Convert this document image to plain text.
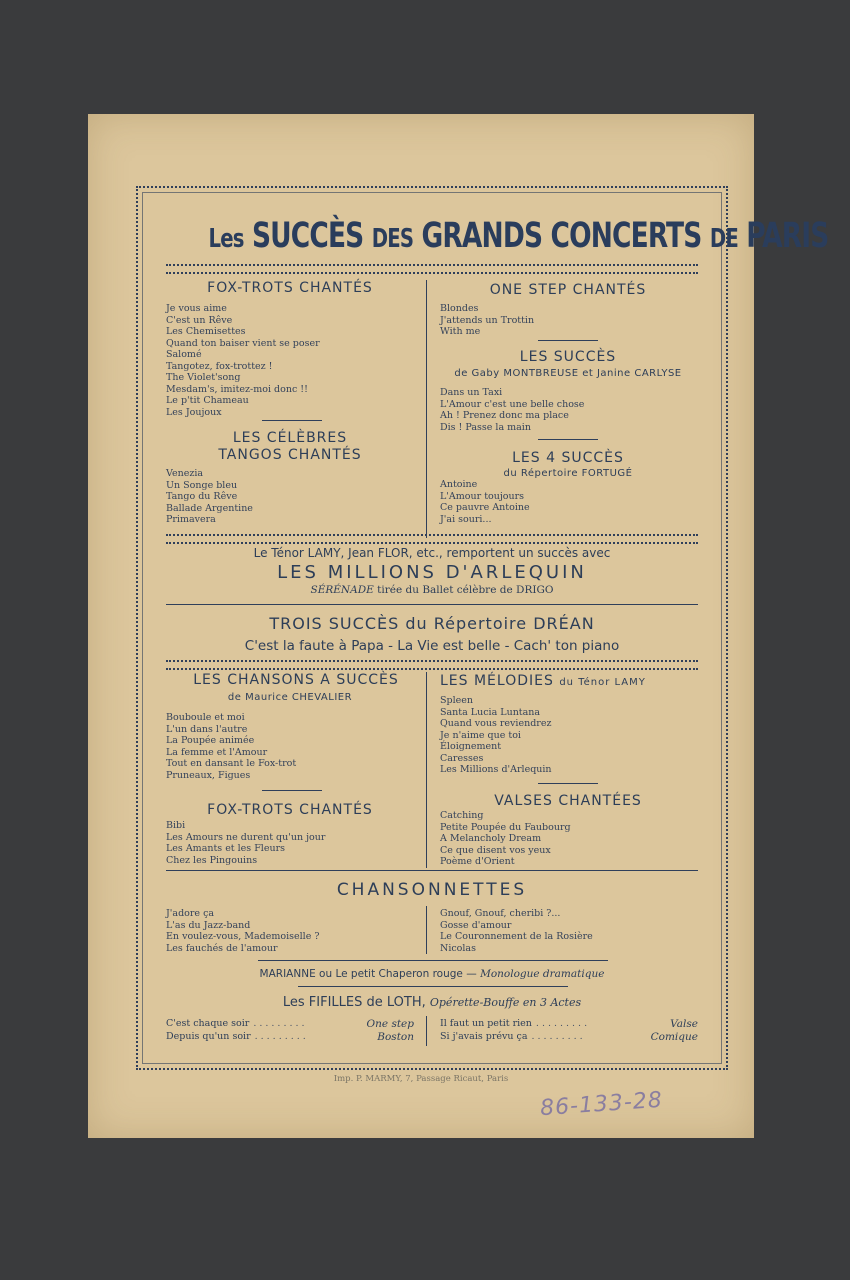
Les SUCCÈS DES GRANDS CONCERTS DE PARIS
FOX-TROTS CHANTÉS
Je vous aime
C'est un Rêve
Les Chemisettes
Quand ton baiser vient se poser
Salomé
Tangotez, fox-trottez !
The Violet'song
Mesdam's, imitez-moi donc !!
Le p'tit Chameau
Les Joujoux
LES CÉLÈBRES
TANGOS CHANTÉS
Venezia
Un Songe bleu
Tango du Rêve
Ballade Argentine
Primavera
ONE STEP CHANTÉS
Blondes
J'attends un Trottin
With me
LES SUCCÈS
de Gaby MONTBREUSE et Janine CARLYSE
Dans un Taxi
L'Amour c'est une belle chose
Ah ! Prenez donc ma place
Dis ! Passe la main
LES 4 SUCCÈS
du Répertoire FORTUGÉ
Antoine
L'Amour toujours
Ce pauvre Antoine
J'ai souri...
Le Ténor LAMY, Jean FLOR, etc., remportent un succès avec
LES MILLIONS D'ARLEQUIN
SÉRÉNADE tirée du Ballet célèbre de DRIGO
TROIS SUCCÈS du Répertoire DRÉAN
C'est la faute à Papa - La Vie est belle - Cach' ton piano
LES CHANSONS A SUCCÈS
de Maurice CHEVALIER
Bouboule et moi
L'un dans l'autre
La Poupée animée
La femme et l'Amour
Tout en dansant le Fox-trot
Pruneaux, Figues
FOX-TROTS CHANTÉS
Bibi
Les Amours ne durent qu'un jour
Les Amants et les Fleurs
Chez les Pingouins
LES MÉLODIES du Ténor LAMY
Spleen
Santa Lucia Luntana
Quand vous reviendrez
Je n'aime que toi
Éloignement
Caresses
Les Millions d'Arlequin
VALSES CHANTÉES
Catching
Petite Poupée du Faubourg
A Melancholy Dream
Ce que disent vos yeux
Poème d'Orient
CHANSONNETTES
J'adore ça
L'as du Jazz-band
En voulez-vous, Mademoiselle ?
Les fauchés de l'amour
Gnouf, Gnouf, cheribi ?...
Gosse d'amour
Le Couronnement de la Rosière
Nicolas
MARIANNE ou Le petit Chaperon rouge — Monologue dramatique
Les FIFILLES de LOTH, Opérette-Bouffe en 3 Actes
C'est chaque soir .........	One step
Depuis qu'un soir .........	Boston
Il faut un petit rien .........	Valse
Si j'avais prévu ça .........	Comique
Imp. P. MARMY, 7, Passage Ricaut, Paris
86-133-28
